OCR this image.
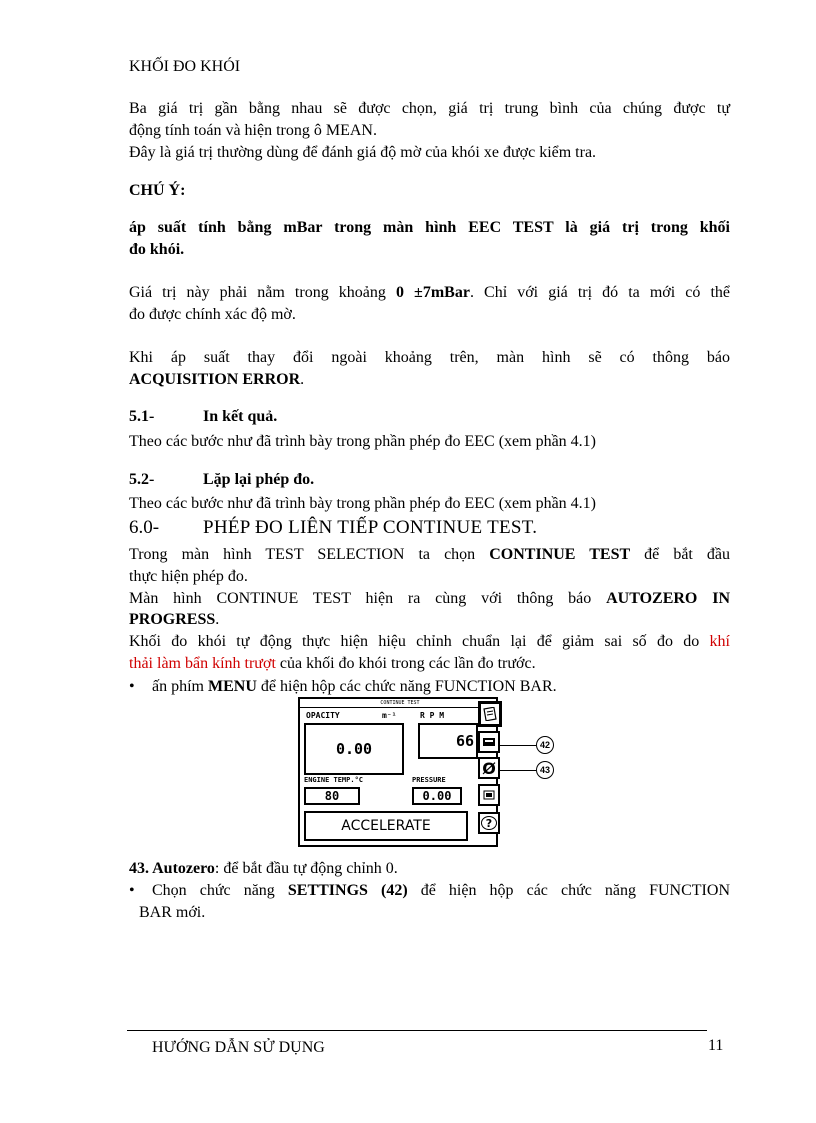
KHỐI ĐO KHÓI
Ba giá trị gần bằng nhau sẽ được chọn, giá trị trung bình của chúng được tự
động tính toán và hiện trong ô MEAN.
Đây là giá trị thường dùng để đánh giá độ mờ của khói xe được kiểm tra.
CHÚ Ý:
áp suất tính bằng mBar trong màn hình EEC TEST là giá trị trong khối
đo khói.
Giá trị này phải nằm trong khoảng 0 ±7mBar. Chỉ với giá trị đó ta mới có thể
đo được chính xác độ mờ.
Khi áp suất thay đổi ngoài khoảng trên, màn hình sẽ có thông báo
ACQUISITION ERROR.
5.1-	In kết quả.
Theo các bước như đã trình bày trong phần phép đo EEC (xem phần 4.1)
5.2-	Lặp lại phép đo.
Theo các bước như đã trình bày trong phần phép đo EEC (xem phần 4.1)
6.0- PHÉP ĐO LIÊN TIẾP CONTINUE TEST.
Trong màn hình TEST SELECTION ta chọn CONTINUE TEST để bắt đầu
thực hiện phép đo.
Màn hình CONTINUE TEST hiện ra cùng với thông báo AUTOZERO IN
PROGRESS.
Khối đo khói tự động thực hiện hiệu chỉnh chuẩn lại để giảm sai số đo do khí
thải làm bẩn kính trượt của khối đo khói trong các lần đo trước.
• ấn phím MENU để hiện hộp các chức năng FUNCTION BAR.
CONTINUE TEST
OPACITY	m⁻¹	R P M
0.00	66
ENGINE TEMP.°C	PRESSURE
80	0.00
ACCELERATE
Ø
?
42
43
43. Autozero: để bắt đầu tự động chỉnh 0.
• Chọn chức năng SETTINGS (42) để hiện hộp các chức năng FUNCTION
BAR mới.
HƯỚNG DẪN SỬ DỤNG	11
